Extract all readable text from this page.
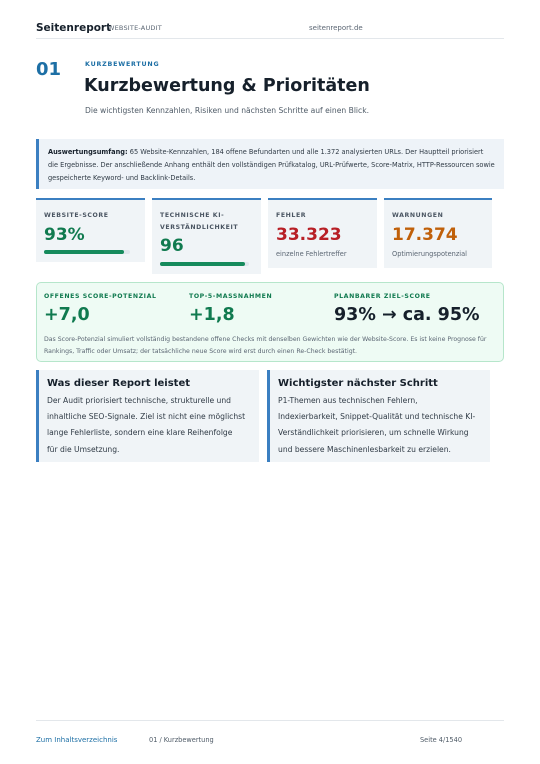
Seitenreport
WEBSITE-AUDIT	seitenreport.de
01	KURZBEWERTUNG
Kurzbewertung & Prioritäten

Die wichtigsten Kennzahlen, Risiken und nächsten Schritte auf einen Blick.

Auswertungsumfang: 65 Website-Kennzahlen, 184 offene Befundarten und alle 1.372 analysierten URLs. Der Hauptteil priorisiert die Ergebnisse. Der anschließende Anhang enthält den vollständigen Prüfkatalog, URL-Prüfwerte, Score-Matrix, HTTP-Ressourcen sowie gespeicherte Keyword- und Backlink-Details.
WEBSITE-SCORE
93%
TECHNISCHE KI-VERSTÄNDLICHKEIT
96
FEHLER
33.323
einzelne Fehlertreffer
WARNUNGEN
17.374
Optimierungspotenzial
OFFENES SCORE-POTENZIAL
+7,0
TOP-5-MASSNAHMEN
+1,8
PLANBARER ZIEL-SCORE
93% → ca. 95%

Das Score-Potenzial simuliert vollständig bestandene offene Checks mit denselben Gewichten wie der Website-Score. Es ist keine Prognose für Rankings, Traffic oder Umsatz; der tatsächliche neue Score wird erst durch einen Re-Check bestätigt.

Was dieser Report leistet
Der Audit priorisiert technische, strukturelle und
inhaltliche SEO-Signale. Ziel ist nicht eine möglichst
lange Fehlerliste, sondern eine klare Reihenfolge
für die Umsetzung.
Wichtigster nächster Schritt
P1-Themen aus technischen Fehlern,
Indexierbarkeit, Snippet-Qualität und technische KI-
Verständlichkeit priorisieren, um schnelle Wirkung
und bessere Maschinenlesbarkeit zu erzielen.
Zum Inhaltsverzeichnis	01 / Kurzbewertung	Seite 4/1540
